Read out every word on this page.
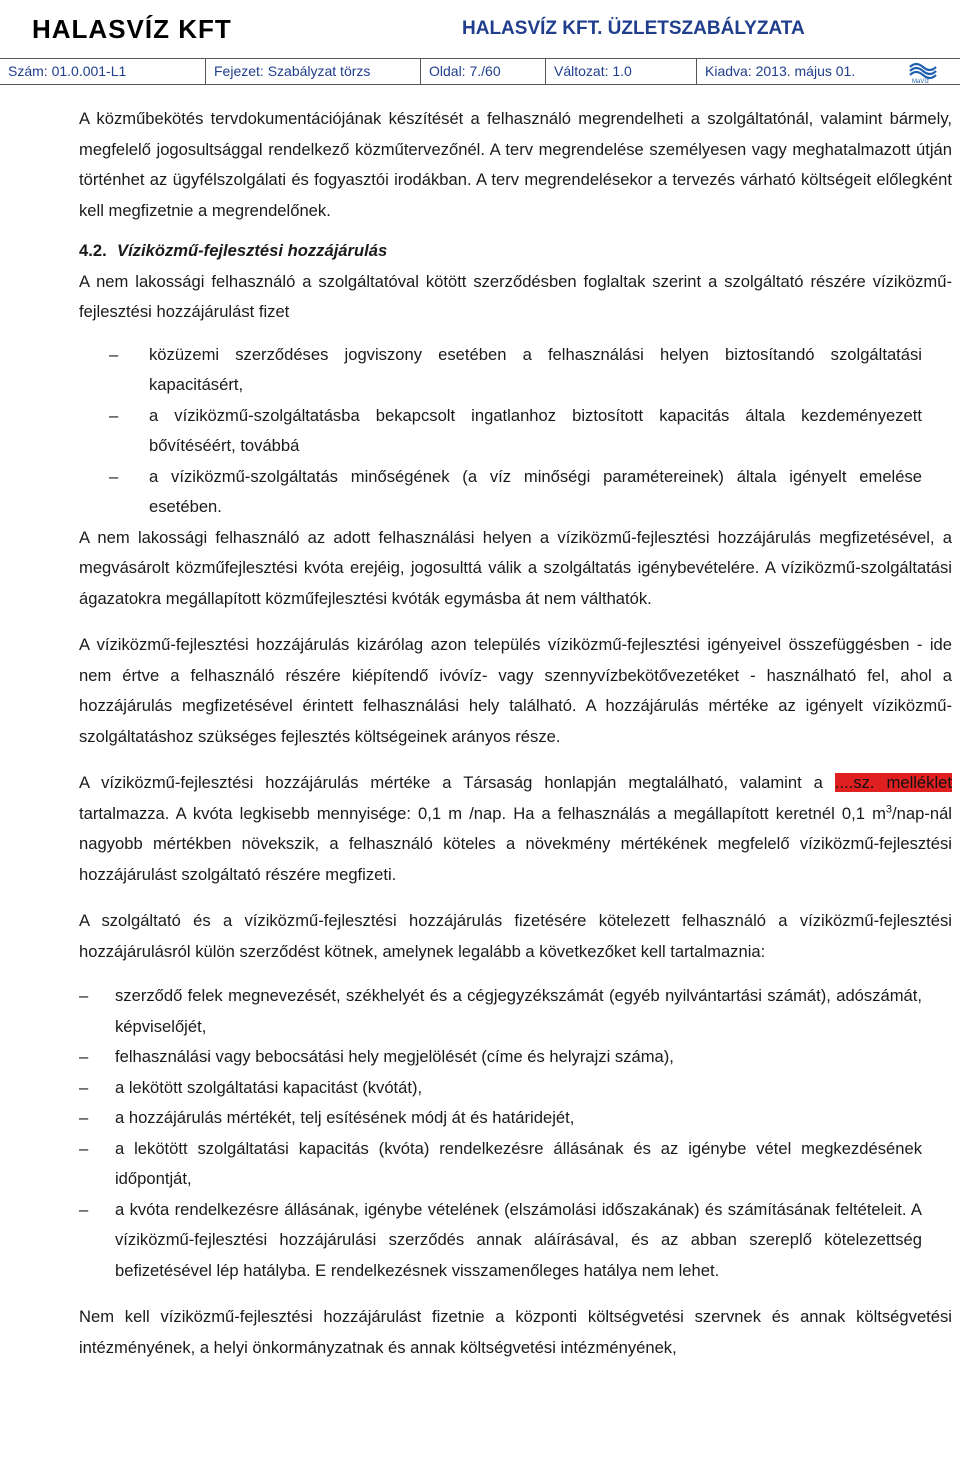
HALASVÍZ KFT	HALASVÍZ KFT. ÜZLETSZABÁLYZATA
Szám: 01.0.001-L1	Fejezet: Szabályzat törzs	Oldal: 7./60	Változat: 1.0	Kiadva: 2013. május 01.
MaVíz

A közműbekötés tervdokumentációjának készítését a felhasználó megrendelheti a szolgáltatónál, valamint bármely, megfelelő jogosultsággal rendelkező közműtervezőnél. A terv megrendelése személyesen vagy meghatalmazott útján történhet az ügyfélszolgálati és fogyasztói irodákban. A terv megrendelésekor a tervezés várható költségeit előlegként kell megfizetnie a megrendelőnek.

4.2. Víziközmű-fejlesztési hozzájárulás

A nem lakossági felhasználó a szolgáltatóval kötött szerződésben foglaltak szerint a szolgáltató részére víziközmű-fejlesztési hozzájárulást fizet

– közüzemi szerződéses jogviszony esetében a felhasználási helyen biztosítandó szolgáltatási kapacitásért,
– a víziközmű-szolgáltatásba bekapcsolt ingatlanhoz biztosított kapacitás általa kezdeményezett bővítéséért, továbbá
– a víziközmű-szolgáltatás minőségének (a víz minőségi paramétereinek) általa igényelt emelése esetében.

A nem lakossági felhasználó az adott felhasználási helyen a víziközmű-fejlesztési hozzájárulás megfizetésével, a megvásárolt közműfejlesztési kvóta erejéig, jogosulttá válik a szolgáltatás igénybevételére. A víziközmű-szolgáltatási ágazatokra megállapított közműfejlesztési kvóták egymásba át nem válthatók.

A víziközmű-fejlesztési hozzájárulás kizárólag azon település víziközmű-fejlesztési igényeivel összefüggésben - ide nem értve a felhasználó részére kiépítendő ivóvíz- vagy szennyvízbekötővezetéket - használható fel, ahol a hozzájárulás megfizetésével érintett felhasználási hely található. A hozzájárulás mértéke az igényelt víziközmű-szolgáltatáshoz szükséges fejlesztés költségeinek arányos része.

A víziközmű-fejlesztési hozzájárulás mértéke a Társaság honlapján megtalálható, valamint a ....sz. melléklet tartalmazza. A kvóta legkisebb mennyisége: 0,1 m /nap. Ha a felhasználás a megállapított keretnél 0,1 $m^3/nap$-nál nagyobb mértékben növekszik, a felhasználó köteles a növekmény mértékének megfelelő víziközmű-fejlesztési hozzájárulást szolgáltató részére megfizeti.

A szolgáltató és a víziközmű-fejlesztési hozzájárulás fizetésére kötelezett felhasználó a víziközmű-fejlesztési hozzájárulásról külön szerződést kötnek, amelynek legalább a következőket kell tartalmaznia:

– szerződő felek megnevezését, székhelyét és a cégjegyzékszámát (egyéb nyilvántartási számát), adószámát, képviselőjét,
– felhasználási vagy bebocsátási hely megjelölését (címe és helyrajzi száma),
– a lekötött szolgáltatási kapacitást (kvótát),
– a hozzájárulás mértékét, telj esítésének módj át és határidejét,
– a lekötött szolgáltatási kapacitás (kvóta) rendelkezésre állásának és az igénybe vétel megkezdésének időpontját,
– a kvóta rendelkezésre állásának, igénybe vételének (elszámolási időszakának) és számításának feltételeit. A víziközmű-fejlesztési hozzájárulási szerződés annak aláírásával, és az abban szereplő kötelezettség befizetésével lép hatályba. E rendelkezésnek visszamenőleges hatálya nem lehet.

Nem kell víziközmű-fejlesztési hozzájárulást fizetnie a központi költségvetési szervnek és annak költségvetési intézményének, a helyi önkormányzatnak és annak költségvetési intézményének,
